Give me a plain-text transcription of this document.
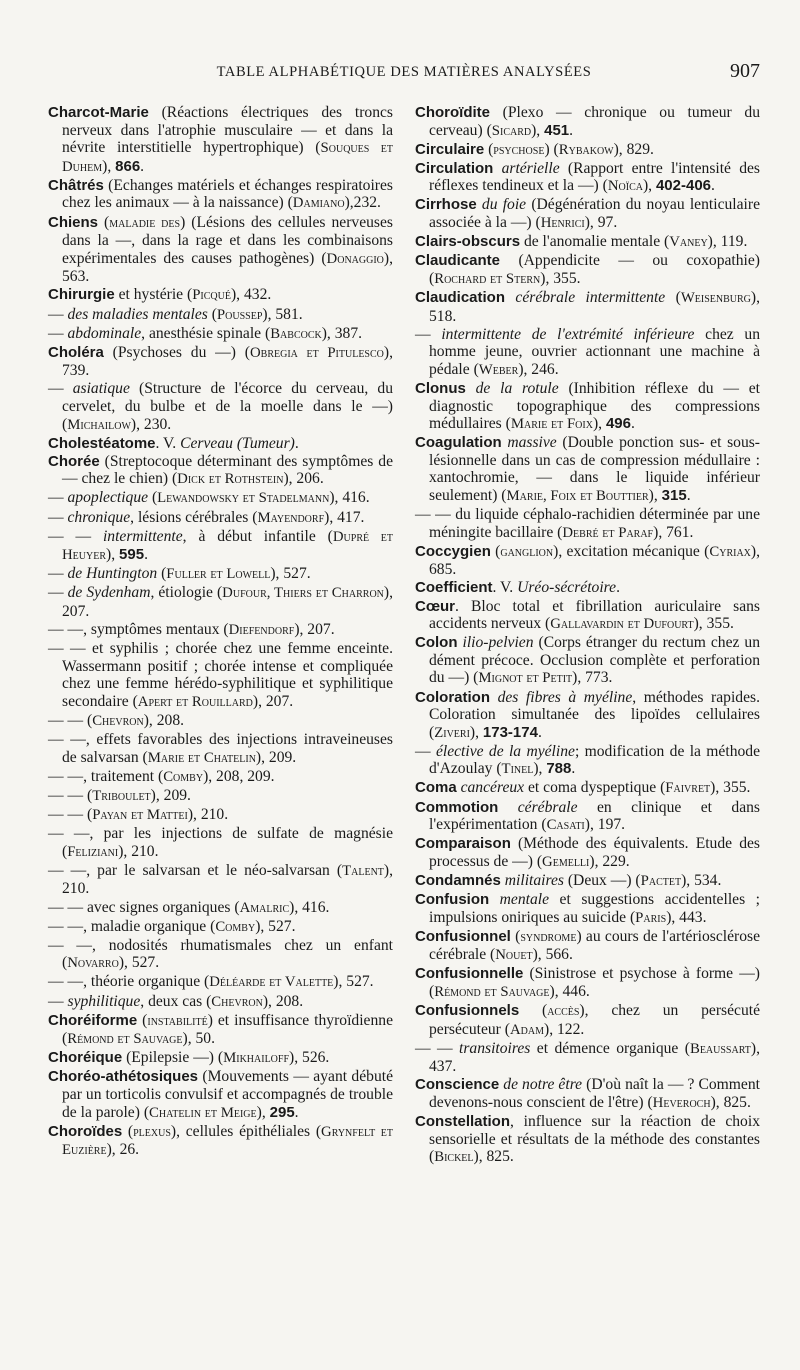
TABLE ALPHABÉTIQUE DES MATIÈRES ANALYSÉES	907

Charcot-Marie (Réactions électriques des troncs nerveux dans l'atrophie musculaire — et dans la névrite interstitielle hypertrophique) (Souques et Duhem), 866.

Châtrés (Echanges matériels et échanges respiratoires chez les animaux — à la naissance) (Damiano),232.

Chiens (maladie des) (Lésions des cellules nerveuses dans la —, dans la rage et dans les combinaisons expérimentales des causes pathogènes) (Donaggio), 563.

Chirurgie et hystérie (Picqué), 432.

— des maladies mentales (Poussep), 581.

— abdominale, anesthésie spinale (Babcock), 387.

Choléra (Psychoses du —) (Obregia et Pitulesco), 739.

— asiatique (Structure de l'écorce du cerveau, du cervelet, du bulbe et de la moelle dans le —) (Michailow), 230.

Cholestéatome. V. Cerveau (Tumeur).

Chorée (Streptocoque déterminant des symptômes de — chez le chien) (Dick et Rothstein), 206.

— apoplectique (Lewandowsky et Stadelmann), 416.

— chronique, lésions cérébrales (Mayendorf), 417.

— — intermittente, à début infantile (Dupré et Heuyer), 595.

— de Huntington (Fuller et Lowell), 527.

— de Sydenham, étiologie (Dufour, Thiers et Charron), 207.

— —, symptômes mentaux (Diefendorf), 207.

— — et syphilis ; chorée chez une femme enceinte. Wassermann positif ; chorée intense et compliquée chez une femme hérédo-syphilitique et syphilitique secondaire (Apert et Rouillard), 207.

— — (Chevron), 208.

— —, effets favorables des injections intraveineuses de salvarsan (Marie et Chatelin), 209.

— —, traitement (Comby), 208, 209.

— — (Triboulet), 209.

— — (Payan et Mattei), 210.

— —, par les injections de sulfate de magnésie (Feliziani), 210.

— —, par le salvarsan et le néo-salvarsan (Talent), 210.

— — avec signes organiques (Amalric), 416.

— —, maladie organique (Comby), 527.

— —, nodosités rhumatismales chez un enfant (Novarro), 527.

— —, théorie organique (Déléarde et Valette), 527.

— syphilitique, deux cas (Chevron), 208.

Choréiforme (instabilité) et insuffisance thyroïdienne (Rémond et Sauvage), 50.

Choréique (Epilepsie —) (Mikhailoff), 526.

Choréo-athétosiques (Mouvements — ayant débuté par un torticolis convulsif et accompagnés de trouble de la parole) (Chatelin et Meige), 295.

Choroïdes (plexus), cellules épithéliales (Grynfelt et Euzière), 26.

Choroïdite (Plexo — chronique ou tumeur du cerveau) (Sicard), 451.

Circulaire (psychose) (Rybakow), 829.

Circulation artérielle (Rapport entre l'intensité des réflexes tendineux et la —) (Noïca), 402-406.

Cirrhose du foie (Dégénération du noyau lenticulaire associée à la —) (Henrici), 97.

Clairs-obscurs de l'anomalie mentale (Vaney), 119.

Claudicante (Appendicite — ou coxopathie) (Rochard et Stern), 355.

Claudication cérébrale intermittente (Weisenburg), 518.

— intermittente de l'extrémité inférieure chez un homme jeune, ouvrier actionnant une machine à pédale (Weber), 246.

Clonus de la rotule (Inhibition réflexe du — et diagnostic topographique des compressions médullaires (Marie et Foix), 496.

Coagulation massive (Double ponction sus- et sous-lésionnelle dans un cas de compression médullaire : xantochromie, — dans le liquide inférieur seulement) (Marie, Foix et Bouttier), 315.

— — du liquide céphalo-rachidien déterminée par une méningite bacillaire (Debré et Paraf), 761.

Coccygien (ganglion), excitation mécanique (Cyriax), 685.

Coefficient. V. Uréo-sécrétoire.

Cœur. Bloc total et fibrillation auriculaire sans accidents nerveux (Gallavardin et Dufourt), 355.

Colon ilio-pelvien (Corps étranger du rectum chez un dément précoce. Occlusion complète et perforation du —) (Mignot et Petit), 773.

Coloration des fibres à myéline, méthodes rapides. Coloration simultanée des lipoïdes cellulaires (Ziveri), 173-174.

— élective de la myéline; modification de la méthode d'Azoulay (Tinel), 788.

Coma cancéreux et coma dyspeptique (Faivret), 355.

Commotion cérébrale en clinique et dans l'expérimentation (Casati), 197.

Comparaison (Méthode des équivalents. Etude des processus de —) (Gemelli), 229.

Condamnés militaires (Deux —) (Pactet), 534.

Confusion mentale et suggestions accidentelles ; impulsions oniriques au suicide (Paris), 443.

Confusionnel (syndrome) au cours de l'artériosclérose cérébrale (Nouet), 566.

Confusionnelle (Sinistrose et psychose à forme —) (Rémond et Sauvage), 446.

Confusionnels (accès), chez un persécuté persécuteur (Adam), 122.

— — transitoires et démence organique (Beaussart), 437.

Conscience de notre être (D'où naît la — ? Comment devenons-nous conscient de l'être) (Heveroch), 825.

Constellation, influence sur la réaction de choix sensorielle et résultats de la méthode des constantes (Bickel), 825.
